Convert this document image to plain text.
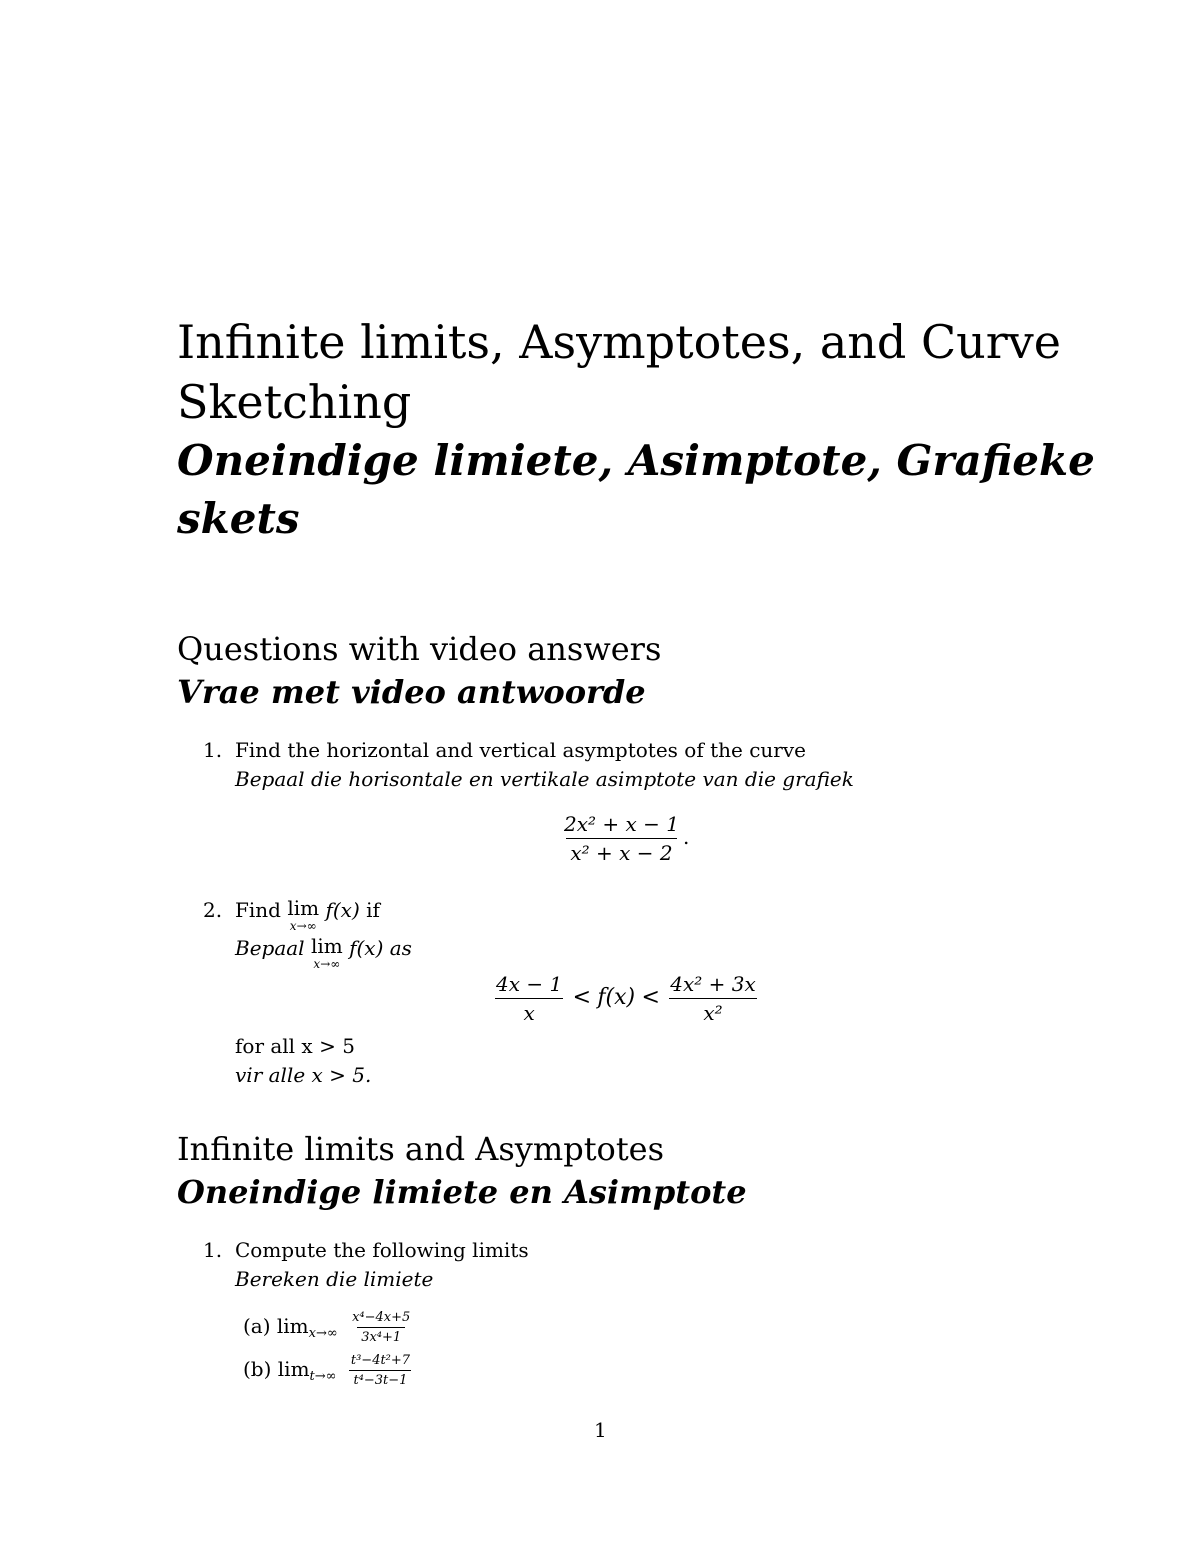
Infinite limits, Asymptotes, and Curve
Sketching
Oneindige limiete, Asimptote, Grafieke
skets
Questions with video answers
Vrae met video antwoorde
1. Find the horizontal and vertical asymptotes of the curve
Bepaal die horisontale en vertikale asimptote van die grafiek
$\frac{\text{2x² + x − 1}}{\text{x² + x − 2}}$ .
2. Find lim
x→∞
f(x) if
Bepaal lim
x→∞
f(x) as
$\frac{4x - 1}{x} < f(x) < \frac{\text{4x² + 3x}}{\text{x²}}$
for all x > 5
vir alle x > 5.
Infinite limits and Asymptotes
Oneindige limiete en Asimptote
1. Compute the following limits
Bereken die limiete
(a) $\lim_{x\to\infty} \frac{\text{x⁴−4x+5}}{\text{3x⁴+1}}$
(b) $\lim_{t\to\infty} \frac{\text{t³−4t²+7}}{\text{t⁴−3t−1}}$
1
